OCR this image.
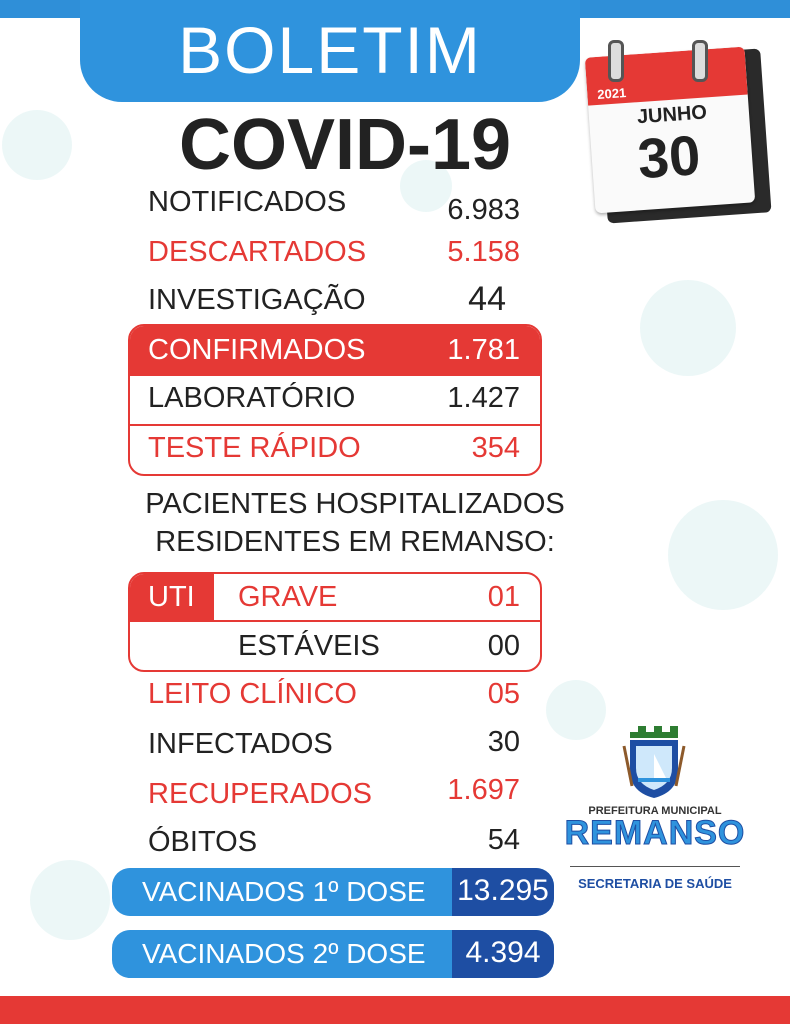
BOLETIM
COVID-19
2021
JUNHO
30
NOTIFICADOS	6.983
DESCARTADOS	5.158
INVESTIGAÇÃO	44
CONFIRMADOS	1.781
LABORATÓRIO	1.427
TESTE RÁPIDO	354
PACIENTES HOSPITALIZADOS
RESIDENTES EM REMANSO:
UTI GRAVE	01
ESTÁVEIS	00
LEITO CLÍNICO	05
INFECTADOS	30
RECUPERADOS	1.697
ÓBITOS	54
VACINADOS 1º DOSE 13.295
VACINADOS 2º DOSE	4.394
PREFEITURA MUNICIPAL
REMANSO
SECRETARIA DE SAÚDE
